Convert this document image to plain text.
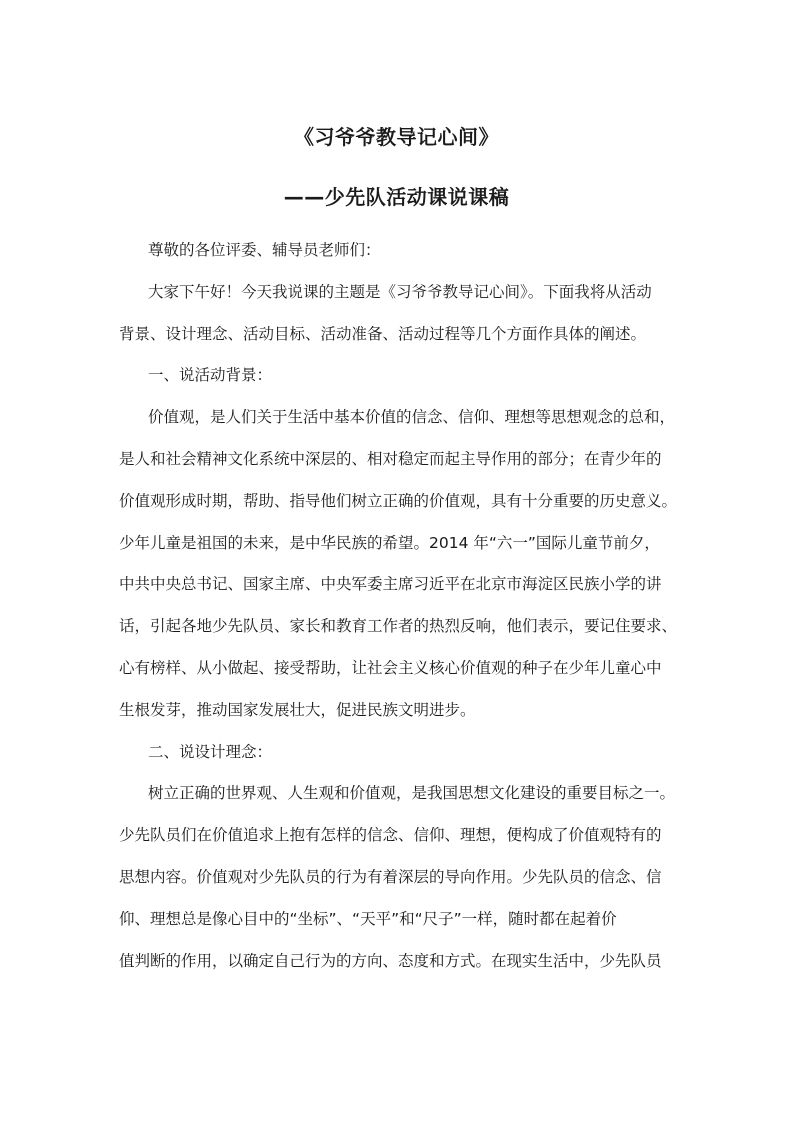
《习爷爷教导记心间》
——少先队活动课说课稿
尊敬的各位评委、辅导员老师们：
大家下午好！今天我说课的主题是《习爷爷教导记心间》。下面我将从活动
背景、设计理念、活动目标、活动准备、活动过程等几个方面作具体的阐述。
一、说活动背景：
价值观，是人们关于生活中基本价值的信念、信仰、理想等思想观念的总和，
是人和社会精神文化系统中深层的、相对稳定而起主导作用的部分；在青少年的
价值观形成时期，帮助、指导他们树立正确的价值观，具有十分重要的历史意义。
少年儿童是祖国的未来，是中华民族的希望。2014 年“六一”国际儿童节前夕，
中共中央总书记、国家主席、中央军委主席习近平在北京市海淀区民族小学的讲
话，引起各地少先队员、家长和教育工作者的热烈反响，他们表示，要记住要求、
心有榜样、从小做起、接受帮助，让社会主义核心价值观的种子在少年儿童心中
生根发芽，推动国家发展壮大，促进民族文明进步。
二、说设计理念：
树立正确的世界观、人生观和价值观，是我国思想文化建设的重要目标之一。
少先队员们在价值追求上抱有怎样的信念、信仰、理想，便构成了价值观特有的
思想内容。价值观对少先队员的行为有着深层的导向作用。少先队员的信念、信
仰、理想总是像心目中的“坐标”、“天平”和“尺子”一样，随时都在起着价
值判断的作用，以确定自己行为的方向、态度和方式。在现实生活中，少先队员
